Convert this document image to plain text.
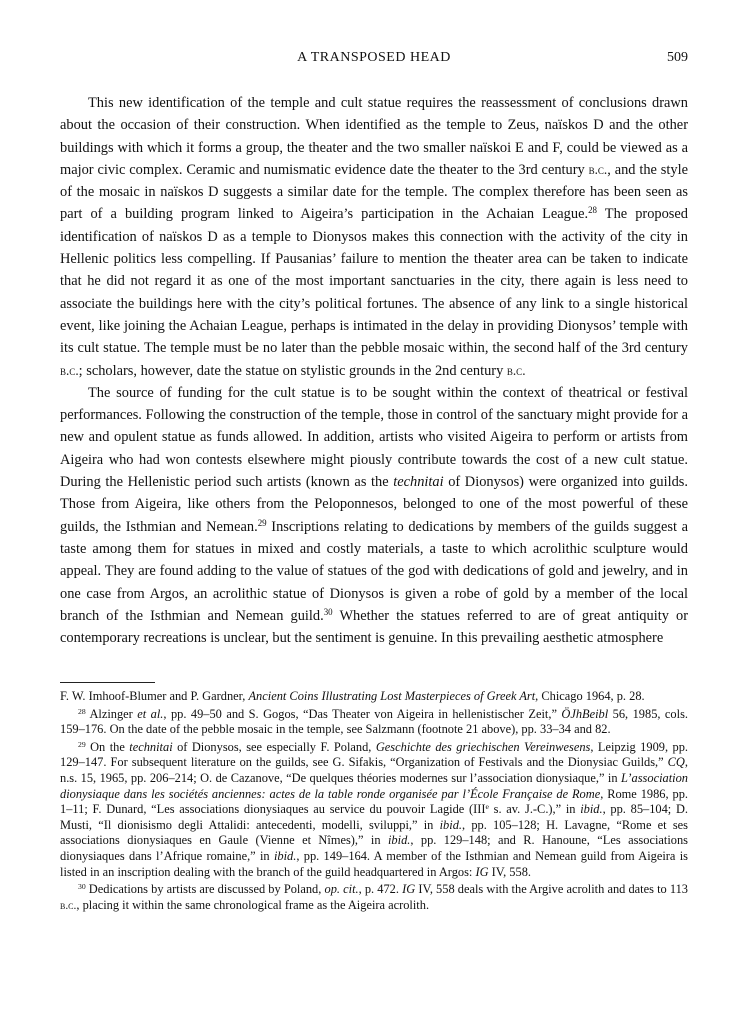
A TRANSPOSED HEAD	509

This new identification of the temple and cult statue requires the reassessment of conclusions drawn about the occasion of their construction. When identified as the temple to Zeus, naïskos D and the other buildings with which it forms a group, the theater and the two smaller naïskoi E and F, could be viewed as a major civic complex. Ceramic and numismatic evidence date the theater to the 3rd century b.c., and the style of the mosaic in naïskos D suggests a similar date for the temple. The complex therefore has been seen as part of a building program linked to Aigeira’s participation in the Achaian League.$^{28}$ The proposed identification of naïskos D as a temple to Dionysos makes this connection with the activity of the city in Hellenic politics less compelling. If Pausanias’ failure to mention the theater area can be taken to indicate that he did not regard it as one of the most important sanctuaries in the city, there again is less need to associate the buildings here with the city’s political fortunes. The absence of any link to a single historical event, like joining the Achaian League, perhaps is intimated in the delay in providing Dionysos’ temple with its cult statue. The temple must be no later than the pebble mosaic within, the second half of the 3rd century b.c.; scholars, however, date the statue on stylistic grounds in the 2nd century b.c.

The source of funding for the cult statue is to be sought within the context of theatrical or festival performances. Following the construction of the temple, those in control of the sanctuary might provide for a new and opulent statue as funds allowed. In addition, artists who visited Aigeira to perform or artists from Aigeira who had won contests elsewhere might piously contribute towards the cost of a new cult statue. During the Hellenistic period such artists (known as the technitai of Dionysos) were organized into guilds. Those from Aigeira, like others from the Peloponnesos, belonged to one of the most powerful of these guilds, the Isthmian and Nemean.$^{29}$ Inscriptions relating to dedications by members of the guilds suggest a taste among them for statues in mixed and costly materials, a taste to which acrolithic sculpture would appeal. They are found adding to the value of statues of the god with dedications of gold and jewelry, and in one case from Argos, an acrolithic statue of Dionysos is given a robe of gold by a member of the local branch of the Isthmian and Nemean guild.$^{30}$ Whether the statues referred to are of great antiquity or contemporary recreations is unclear, but the sentiment is genuine. In this prevailing aesthetic atmosphere

F. W. Imhoof-Blumer and P. Gardner, Ancient Coins Illustrating Lost Masterpieces of Greek Art, Chicago 1964, p. 28.

$^{28}$ Alzinger et al., pp. 49–50 and S. Gogos, “Das Theater von Aigeira in hellenistischer Zeit,” ÖJhBeibl 56, 1985, cols. 159–176. On the date of the pebble mosaic in the temple, see Salzmann (footnote 21 above), pp. 33–34 and 82.

$^{29}$ On the technitai of Dionysos, see especially F. Poland, Geschichte des griechischen Vereinwesens, Leipzig 1909, pp. 129–147. For subsequent literature on the guilds, see G. Sifakis, “Organization of Festivals and the Dionysiac Guilds,” CQ, n.s. 15, 1965, pp. 206–214; O. de Cazanove, “De quelques théories modernes sur l’association dionysiaque,” in L’association dionysiaque dans les sociétés anciennes: actes de la table ronde organisée par l’École Française de Rome, Rome 1986, pp. 1–11; F. Dunard, “Les associations dionysiaques au service du pouvoir Lagide (IIIe s. av. J.-C.),” in ibid., pp. 85–104; D. Musti, “Il dionisismo degli Attalidi: antecedenti, modelli, sviluppi,” in ibid., pp. 105–128; H. Lavagne, “Rome et ses associations dionysiaques en Gaule (Vienne et Nîmes),” in ibid., pp. 129–148; and R. Hanoune, “Les associations dionysiaques dans l’Afrique romaine,” in ibid., pp. 149–164. A member of the Isthmian and Nemean guild from Aigeira is listed in an inscription dealing with the branch of the guild headquartered in Argos: IG IV, 558.

$^{30}$ Dedications by artists are discussed by Poland, op. cit., p. 472. IG IV, 558 deals with the Argive acrolith and dates to 113 b.c., placing it within the same chronological frame as the Aigeira acrolith.
